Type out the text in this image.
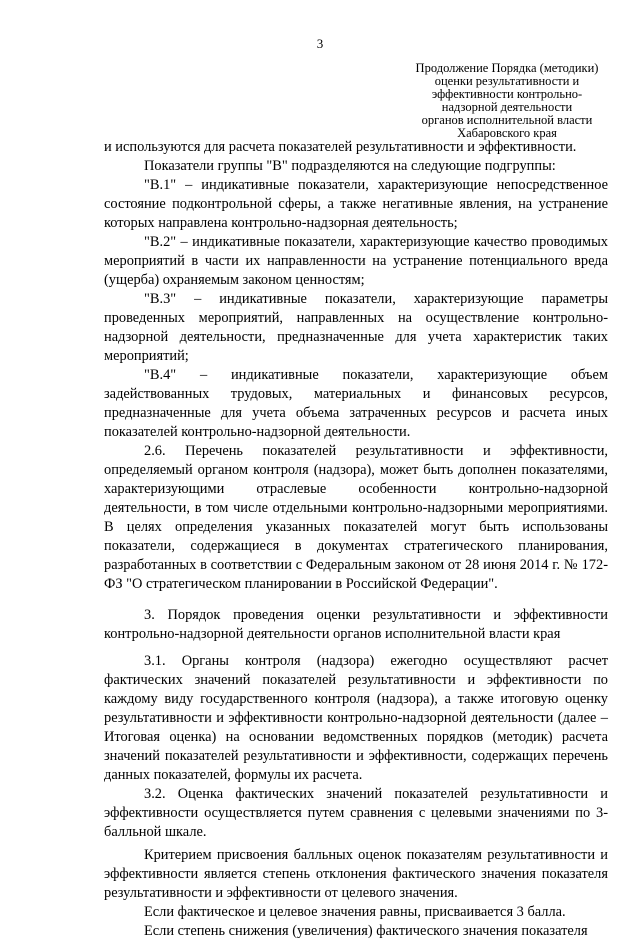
3
Продолжение Порядка (методики)
оценки результативности и
эффективности контрольно-
надзорной деятельности
органов исполнительной власти
Хабаровского края

и используются для расчета показателей результативности и эффективности.

Показатели группы "В" подразделяются на следующие подгруппы:

"В.1" – индикативные показатели, характеризующие непосредственное состояние подконтрольной сферы, а также негативные явления, на устранение которых направлена контрольно-надзорная деятельность;

"В.2" – индикативные показатели, характеризующие качество проводимых мероприятий в части их направленности на устранение потенциального вреда (ущерба) охраняемым законом ценностям;

"В.3" – индикативные показатели, характеризующие параметры проведенных мероприятий, направленных на осуществление контрольно-надзорной деятельности, предназначенные для учета характеристик таких мероприятий;

"В.4" – индикативные показатели, характеризующие объем задействованных трудовых, материальных и финансовых ресурсов, предназначенные для учета объема затраченных ресурсов и расчета иных показателей контрольно-надзорной деятельности.

2.6. Перечень показателей результативности и эффективности, определяемый органом контроля (надзора), может быть дополнен показателями, характеризующими отраслевые особенности контрольно-надзорной деятельности, в том числе отдельными контрольно-надзорными мероприятиями. В целях определения указанных показателей могут быть использованы показатели, содержащиеся в документах стратегического планирования, разработанных в соответствии с Федеральным законом от 28 июня 2014 г. № 172-ФЗ "О стратегическом планировании в Российской Федерации".

3. Порядок проведения оценки результативности и эффективности контрольно-надзорной деятельности органов исполнительной власти края

3.1. Органы контроля (надзора) ежегодно осуществляют расчет фактических значений показателей результативности и эффективности по каждому виду государственного контроля (надзора), а также итоговую оценку результативности и эффективности контрольно-надзорной деятельности (далее – Итоговая оценка) на основании ведомственных порядков (методик) расчета значений показателей результативности и эффективности, содержащих перечень данных показателей, формулы их расчета.

3.2. Оценка фактических значений показателей результативности и эффективности осуществляется путем сравнения с целевыми значениями по 3-балльной шкале.

Критерием присвоения балльных оценок показателям результативности и эффективности является степень отклонения фактического значения показателя результативности и эффективности от целевого значения.

Если фактическое и целевое значения равны, присваивается 3 балла.

Если степень снижения (увеличения) фактического значения показателя
